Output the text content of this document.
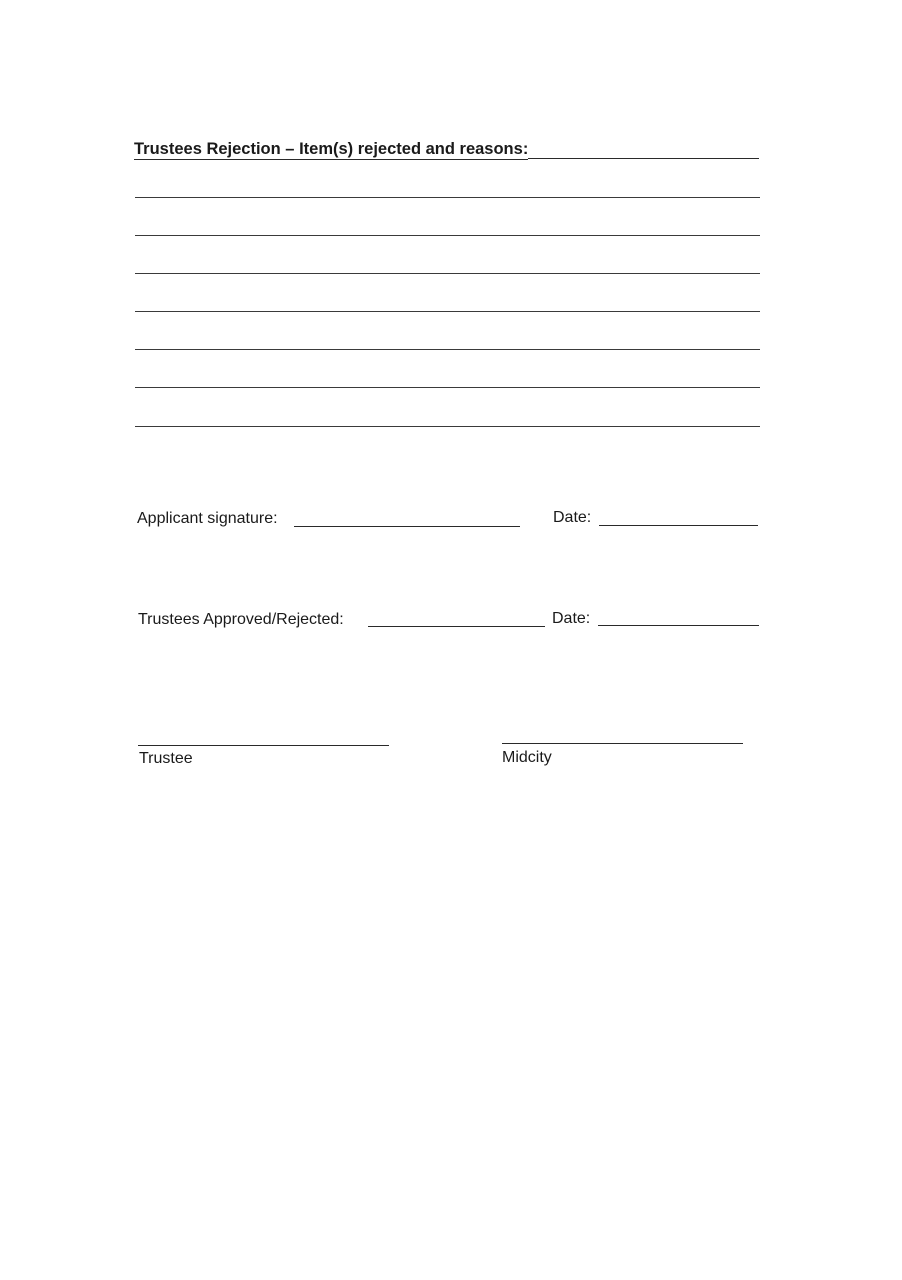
Trustees Rejection – Item(s) rejected and reasons:
Applicant signature:	Date:
Trustees Approved/Rejected:	Date:
Trustee	Midcity
